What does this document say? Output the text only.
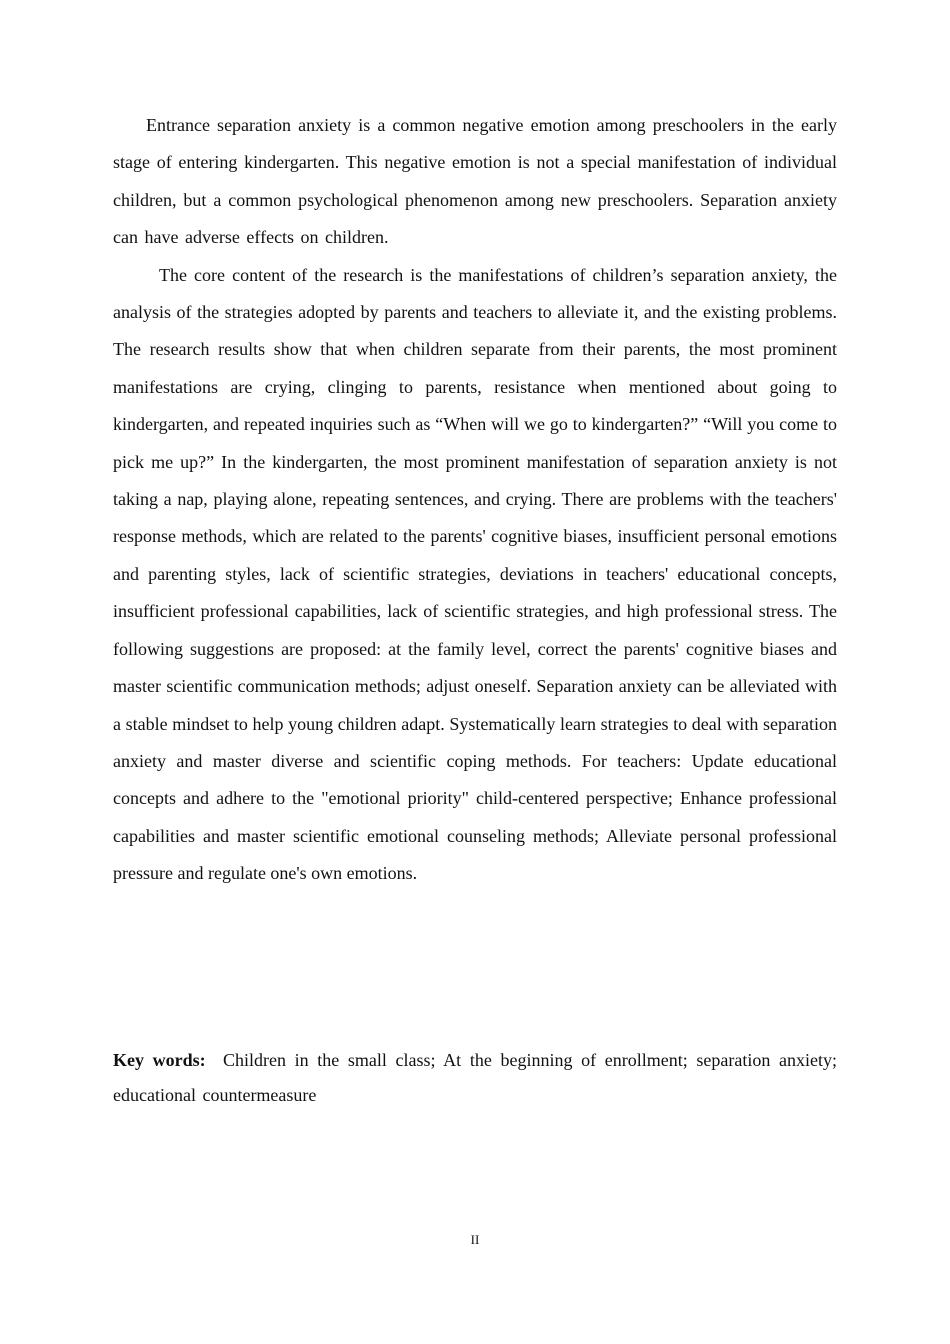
Entrance separation anxiety is a common negative emotion among preschoolers in the early stage of entering kindergarten. This negative emotion is not a special manifestation of individual children, but a common psychological phenomenon among new preschoolers. Separation anxiety can have adverse effects on children.

The core content of the research is the manifestations of children’s separation anxiety, the analysis of the strategies adopted by parents and teachers to alleviate it, and the existing problems. The research results show that when children separate from their parents, the most prominent manifestations are crying, clinging to parents, resistance when mentioned about going to kindergarten, and repeated inquiries such as “When will we go to kindergarten?” “Will you come to pick me up?” In the kindergarten, the most prominent manifestation of separation anxiety is not taking a nap, playing alone, repeating sentences, and crying. There are problems with the teachers' response methods, which are related to the parents' cognitive biases, insufficient personal emotions and parenting styles, lack of scientific strategies, deviations in teachers' educational concepts, insufficient professional capabilities, lack of scientific strategies, and high professional stress. The following suggestions are proposed: at the family level, correct the parents' cognitive biases and master scientific communication methods; adjust oneself. Separation anxiety can be alleviated with a stable mindset to help young children adapt. Systematically learn strategies to deal with separation anxiety and master diverse and scientific coping methods. For teachers: Update educational concepts and adhere to the "emotional priority" child-centered perspective; Enhance professional capabilities and master scientific emotional counseling methods; Alleviate personal professional pressure and regulate one's own emotions.

Key words: Children in the small class; At the beginning of enrollment; separation anxiety; educational countermeasure
II
